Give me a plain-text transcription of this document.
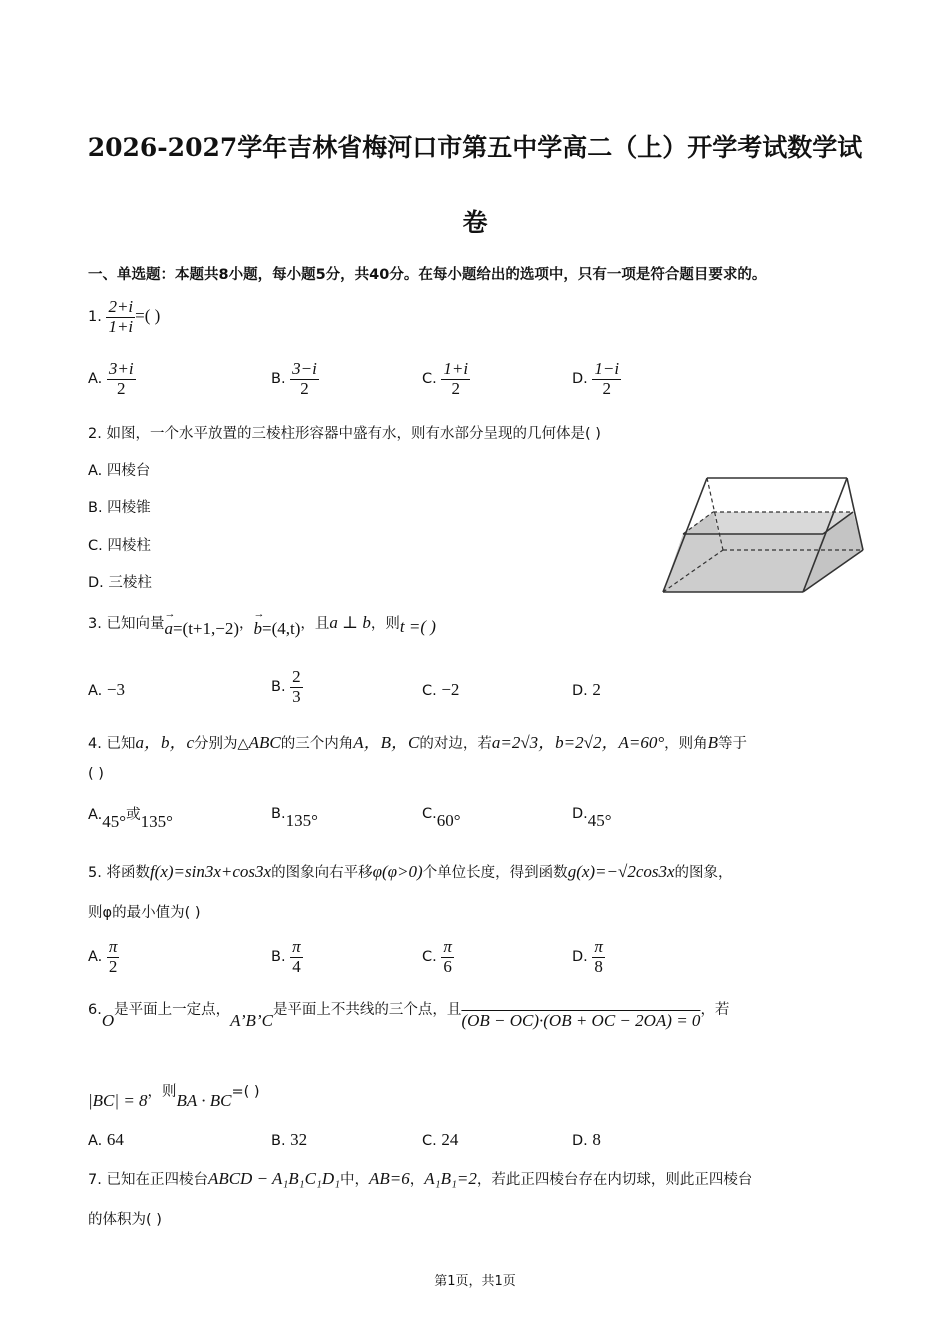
2026-2027学年吉林省梅河口市第五中学高二（上）开学考试数学试
卷
一、单选题：本题共8小题，每小题5分，共40分。在每小题给出的选项中，只有一项是符合题目要求的。
1. $\frac{2+i}{1+i}$ =( )
A. $\frac{3+i}{2}$	B. $\frac{3-i}{2}$	C. $\frac{1+i}{2}$	D. $\frac{1-i}{2}$
2. 如图，一个水平放置的三棱柱形容器中盛有水，则有水部分呈现的几何体是( )
A. 四棱台
B. 四棱锥
C. 四棱柱
D. 三棱柱
3. 已知向量→ a=(t+1,−2)，→ b=(4,t)，且a ⊥ b，则t =( )
A. −3	B. $\frac{2}{3}$	C. −2	D. 2
4. 已知a，b，c分别为△ABC的三个内角A，B，C的对边，若a=2√3，b=2√2，A=60°，则角B等于
( )
A.45°或135°	B.135°	C.60°	D.45°
5. 将函数f(x)=sin3x+cos3x的图象向右平移φ(φ>0)个单位长度，得到函数g(x)=−√2cos3x的图象，
则φ的最小值为( )
A. $\frac{\pi}{2}$	B. $\frac{\pi}{4}$	C. $\frac{\pi}{6}$	D. $\frac{\pi}{8}$
6.O是平面上一定点，A’B’C是平面上不共线的三个点，且(OB − OC)·(OB + OC − 2OA) = 0，若
|BC| = 8，则BA · BC=( )
A. 64	B. 32	C. 24	D. 8
7. 已知在正四棱台ABCD − A₁B₁C₁D₁中，AB=6，A₁B₁=2，若此正四棱台存在内切球，则此正四棱台
的体积为( )
第1页，共1页
